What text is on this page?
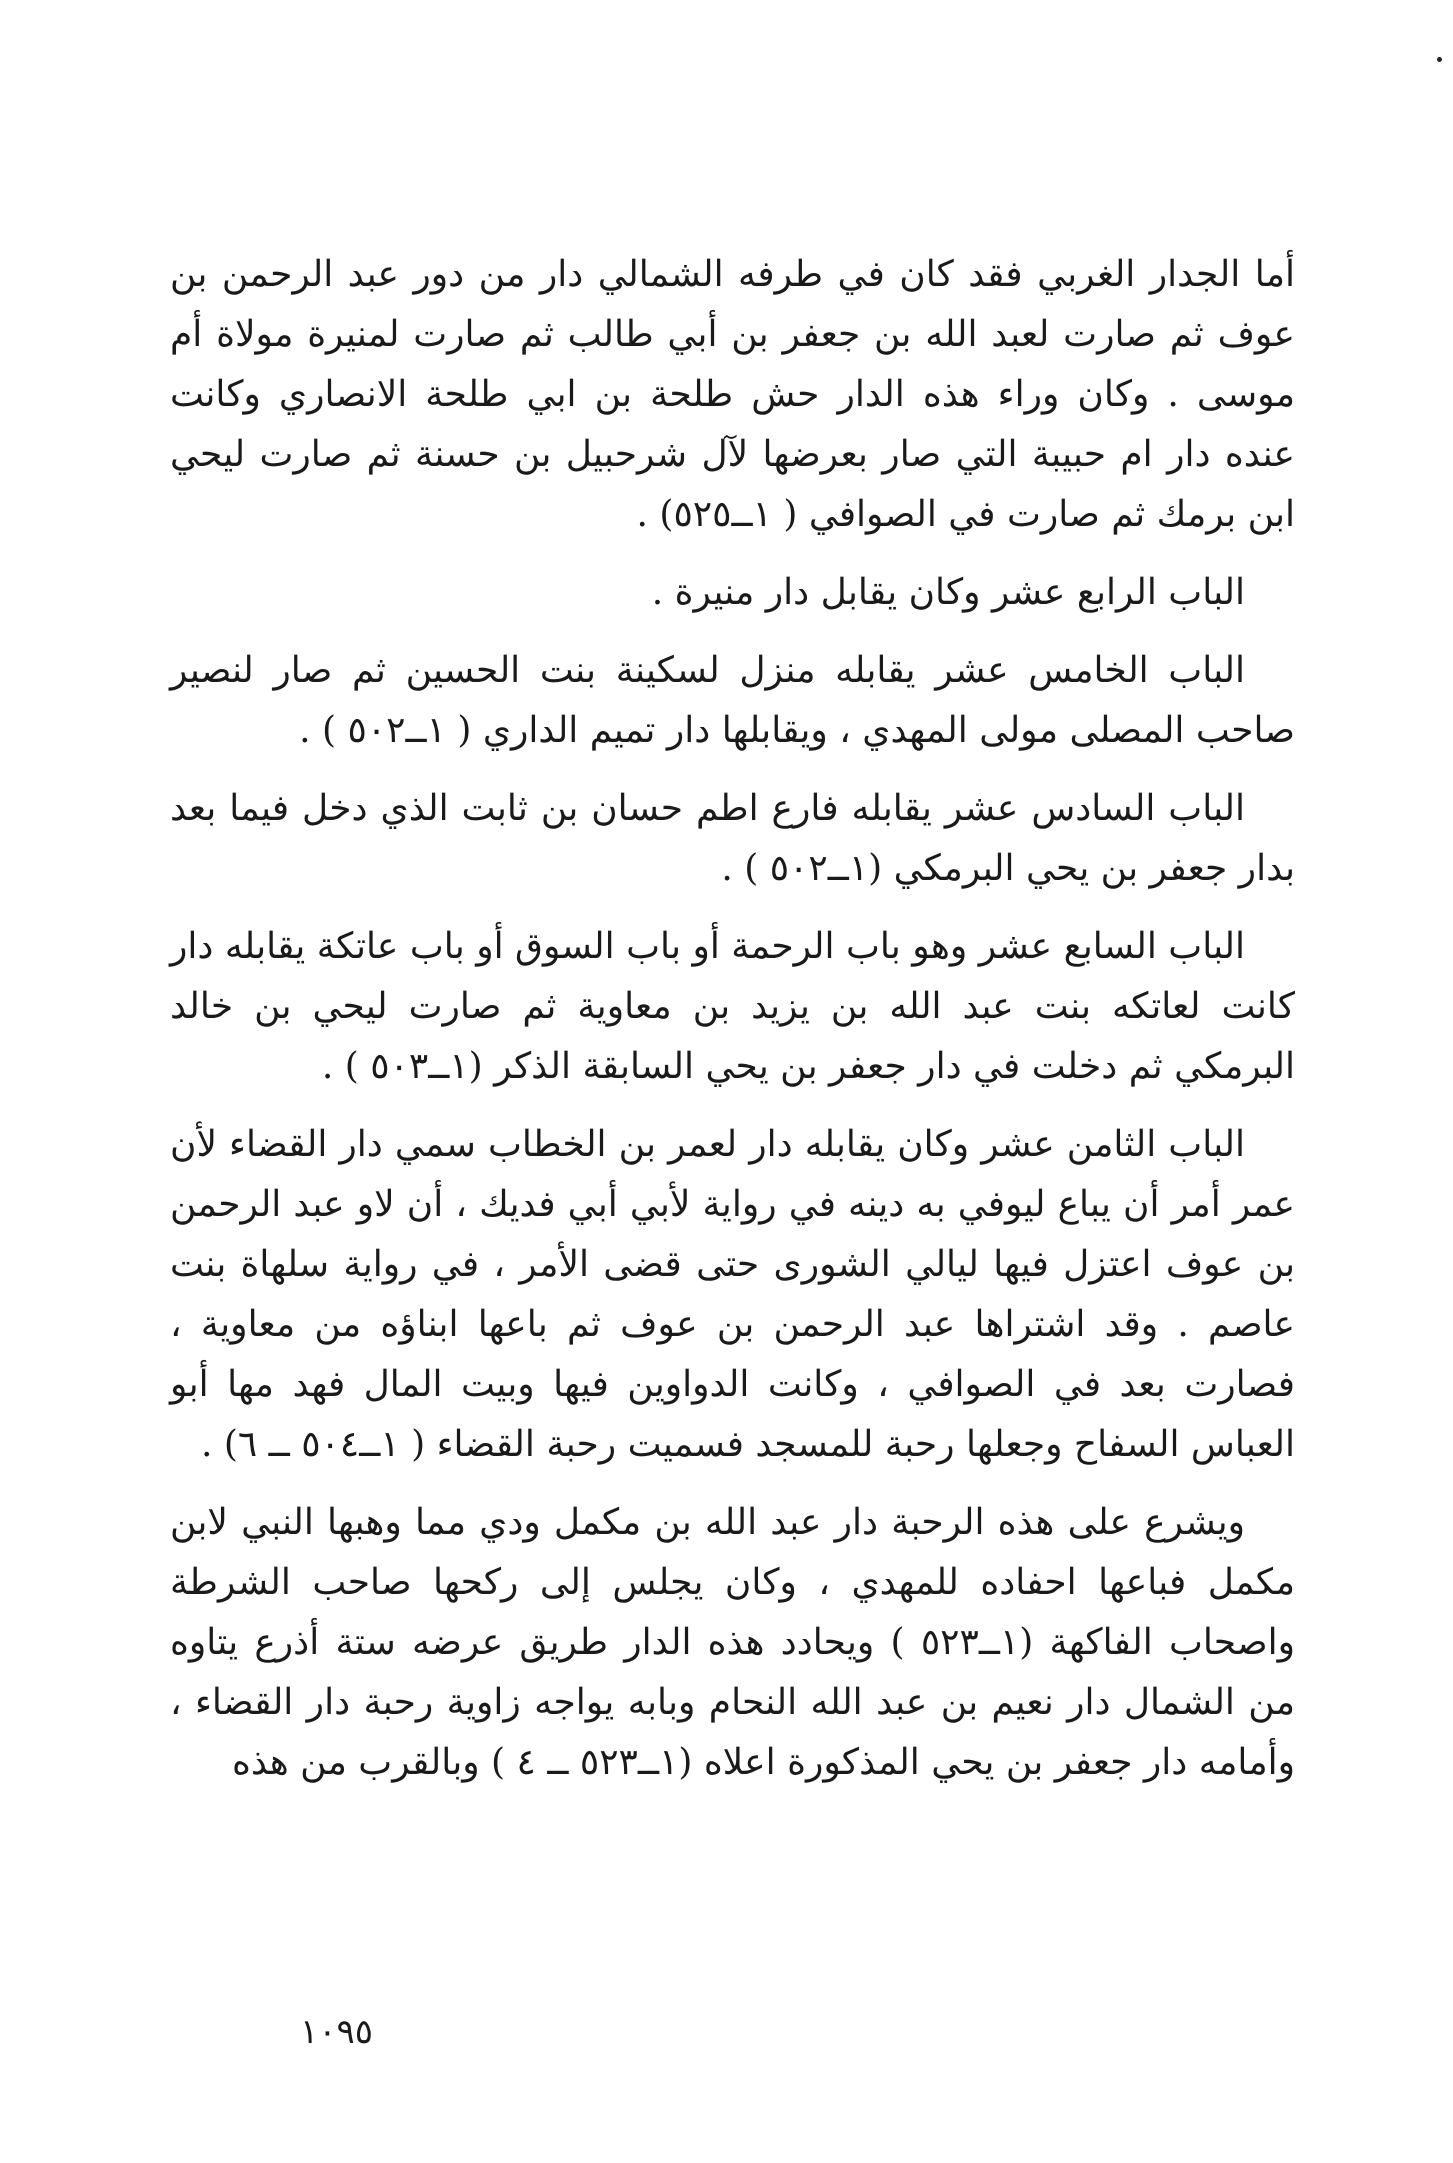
أما الجدار الغربي فقد كان في طرفه الشمالي دار من دور عبد الرحمن بن عوف ثم صارت لعبد الله بن جعفر بن أبي طالب ثم صارت لمنيرة مولاة أم موسى . وكان وراء هذه الدار حش طلحة بن ابي طلحة الانصاري وكانت عنده دار ام حبيبة التي صار بعرضها لآل شرحبيل بن حسنة ثم صارت ليحي ابن برمك ثم صارت في الصوافي ( ١ــ٥٢٥) .

الباب الرابع عشر وكان يقابل دار منيرة .

الباب الخامس عشر يقابله منزل لسكينة بنت الحسين ثم صار لنصير صاحب المصلى مولى المهدي ، ويقابلها دار تميم الداري ( ١ــ٥٠٢ ) .

الباب السادس عشر يقابله فارع اطم حسان بن ثابت الذي دخل فيما بعد بدار جعفر بن يحي البرمكي (١ــ٥٠٢ ) .

الباب السابع عشر وهو باب الرحمة أو باب السوق أو باب عاتكة يقابله دار كانت لعاتكه بنت عبد الله بن يزيد بن معاوية ثم صارت ليحي بن خالد البرمكي ثم دخلت في دار جعفر بن يحي السابقة الذكر (١ــ٥٠٣ ) .

الباب الثامن عشر وكان يقابله دار لعمر بن الخطاب سمي دار القضاء لأن عمر أمر أن يباع ليوفي به دينه في رواية لأبي أبي فديك ، أن لاو عبد الرحمن بن عوف اعتزل فيها ليالي الشورى حتى قضى الأمر ، في رواية سلهاة بنت عاصم . وقد اشتراها عبد الرحمن بن عوف ثم باعها ابناؤه من معاوية ، فصارت بعد في الصوافي ، وكانت الدواوين فيها وبيت المال فهد مها أبو العباس السفاح وجعلها رحبة للمسجد فسميت رحبة القضاء ( ١ــ٥٠٤ ــ ٦) .

ويشرع على هذه الرحبة دار عبد الله بن مكمل ودي مما وهبها النبي لابن مكمل فباعها احفاده للمهدي ، وكان يجلس إلى ركحها صاحب الشرطة واصحاب الفاكهة (١ــ٥٢٣ ) ويحادد هذه الدار طريق عرضه ستة أذرع يتاوه من الشمال دار نعيم بن عبد الله النحام وبابه يواجه زاوية رحبة دار القضاء ، وأمامه دار جعفر بن يحي المذكورة اعلاه (١ــ٥٢٣ ــ ٤ ) وبالقرب من هذه

١٠٩٥
